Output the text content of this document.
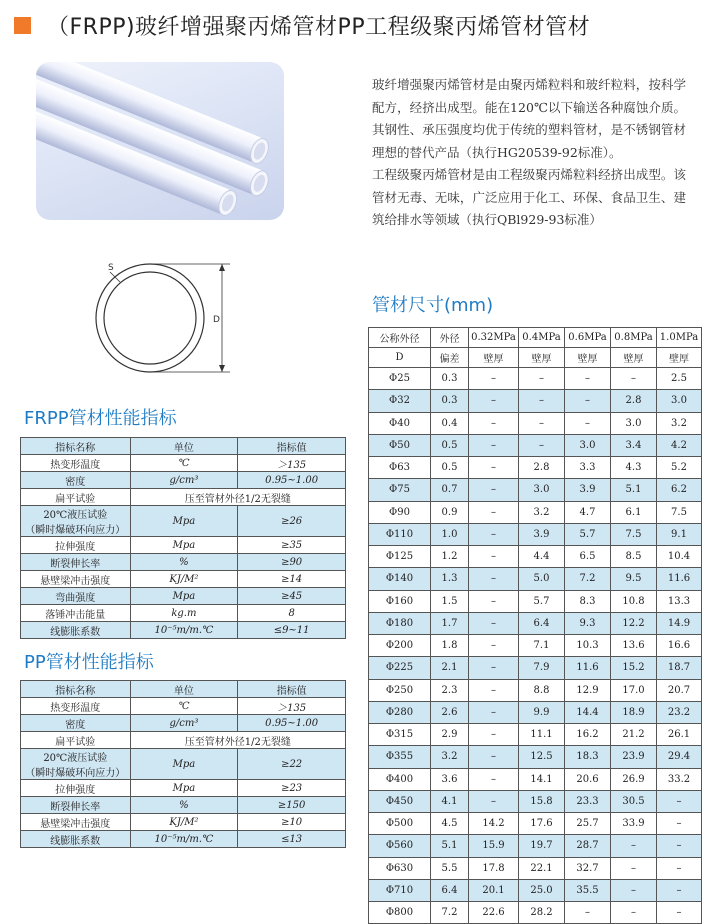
（FRPP)玻纤增强聚丙烯管材PP工程级聚丙烯管材管材
S
D

玻纤增强聚丙烯管材是由聚丙烯粒料和玻纤粒料，按科学配方，经挤出成型。能在120℃以下输送各种腐蚀介质。其钢性、承压强度均优于传统的塑料管材，是不锈钢管材理想的替代产品（执行HG20539-92标准）。

工程级聚丙烯管材是由工程级聚丙烯粒料经挤出成型。该管材无毒、无味，广泛应用于化工、环保、食品卫生、建筑给排水等领域（执行QBl929-93标准）

FRPP管材性能指标
指标名称	单位	指标值
热变形温度	℃	＞135
密度	g/cm³	0.95~1.00
扁平试验	压至管材外径1/2无裂缝	
20℃液压试验
（瞬时爆破环向应力）	Mpa	≥26
拉伸强度	Mpa	≥35
断裂伸长率	%	≥90
悬壁梁冲击强度	KJ/M²	≥14
弯曲强度	Mpa	≥45
落锤冲击能量	kg.m	8
线膨胀系数	10⁻⁵m/m.℃	≤9~11
PP管材性能指标
指标名称	单位	指标值
热变形温度	℃	＞135
密度	g/cm³	0.95~1.00
扁平试验	压至管材外径1/2无裂缝	
20℃液压试验
（瞬时爆破环向应力）	Mpa	≥22
拉伸强度	Mpa	≥23
断裂伸长率	%	≥150
悬壁梁冲击强度	KJ/M²	≥10
线膨胀系数	10⁻⁵m/m.℃	≤13
管材尺寸(mm)
公称外径	外径	0.32MPa	0.4MPa	0.6MPa	0.8MPa	1.0MPa
D	偏差	壁厚	壁厚	壁厚	壁厚	壁厚
Φ25	0.3	–	–	–	–	2.5
Φ32	0.3	–	–	–	2.8	3.0
Φ40	0.4	–	–	–	3.0	3.2
Φ50	0.5	–	–	3.0	3.4	4.2
Φ63	0.5	–	2.8	3.3	4.3	5.2
Φ75	0.7	–	3.0	3.9	5.1	6.2
Φ90	0.9	–	3.2	4.7	6.1	7.5
Φ110	1.0	–	3.9	5.7	7.5	9.1
Φ125	1.2	–	4.4	6.5	8.5	10.4
Φ140	1.3	–	5.0	7.2	9.5	11.6
Φ160	1.5	–	5.7	8.3	10.8	13.3
Φ180	1.7	–	6.4	9.3	12.2	14.9
Φ200	1.8	–	7.1	10.3	13.6	16.6
Φ225	2.1	–	7.9	11.6	15.2	18.7
Φ250	2.3	–	8.8	12.9	17.0	20.7
Φ280	2.6	–	9.9	14.4	18.9	23.2
Φ315	2.9	–	11.1	16.2	21.2	26.1
Φ355	3.2	–	12.5	18.3	23.9	29.4
Φ400	3.6	–	14.1	20.6	26.9	33.2
Φ450	4.1	–	15.8	23.3	30.5	–
Φ500	4.5	14.2	17.6	25.7	33.9	–
Φ560	5.1	15.9	19.7	28.7	–	–
Φ630	5.5	17.8	22.1	32.7	–	–
Φ710	6.4	20.1	25.0	35.5	–	–
Φ800	7.2	22.6	28.2	–	–	–
